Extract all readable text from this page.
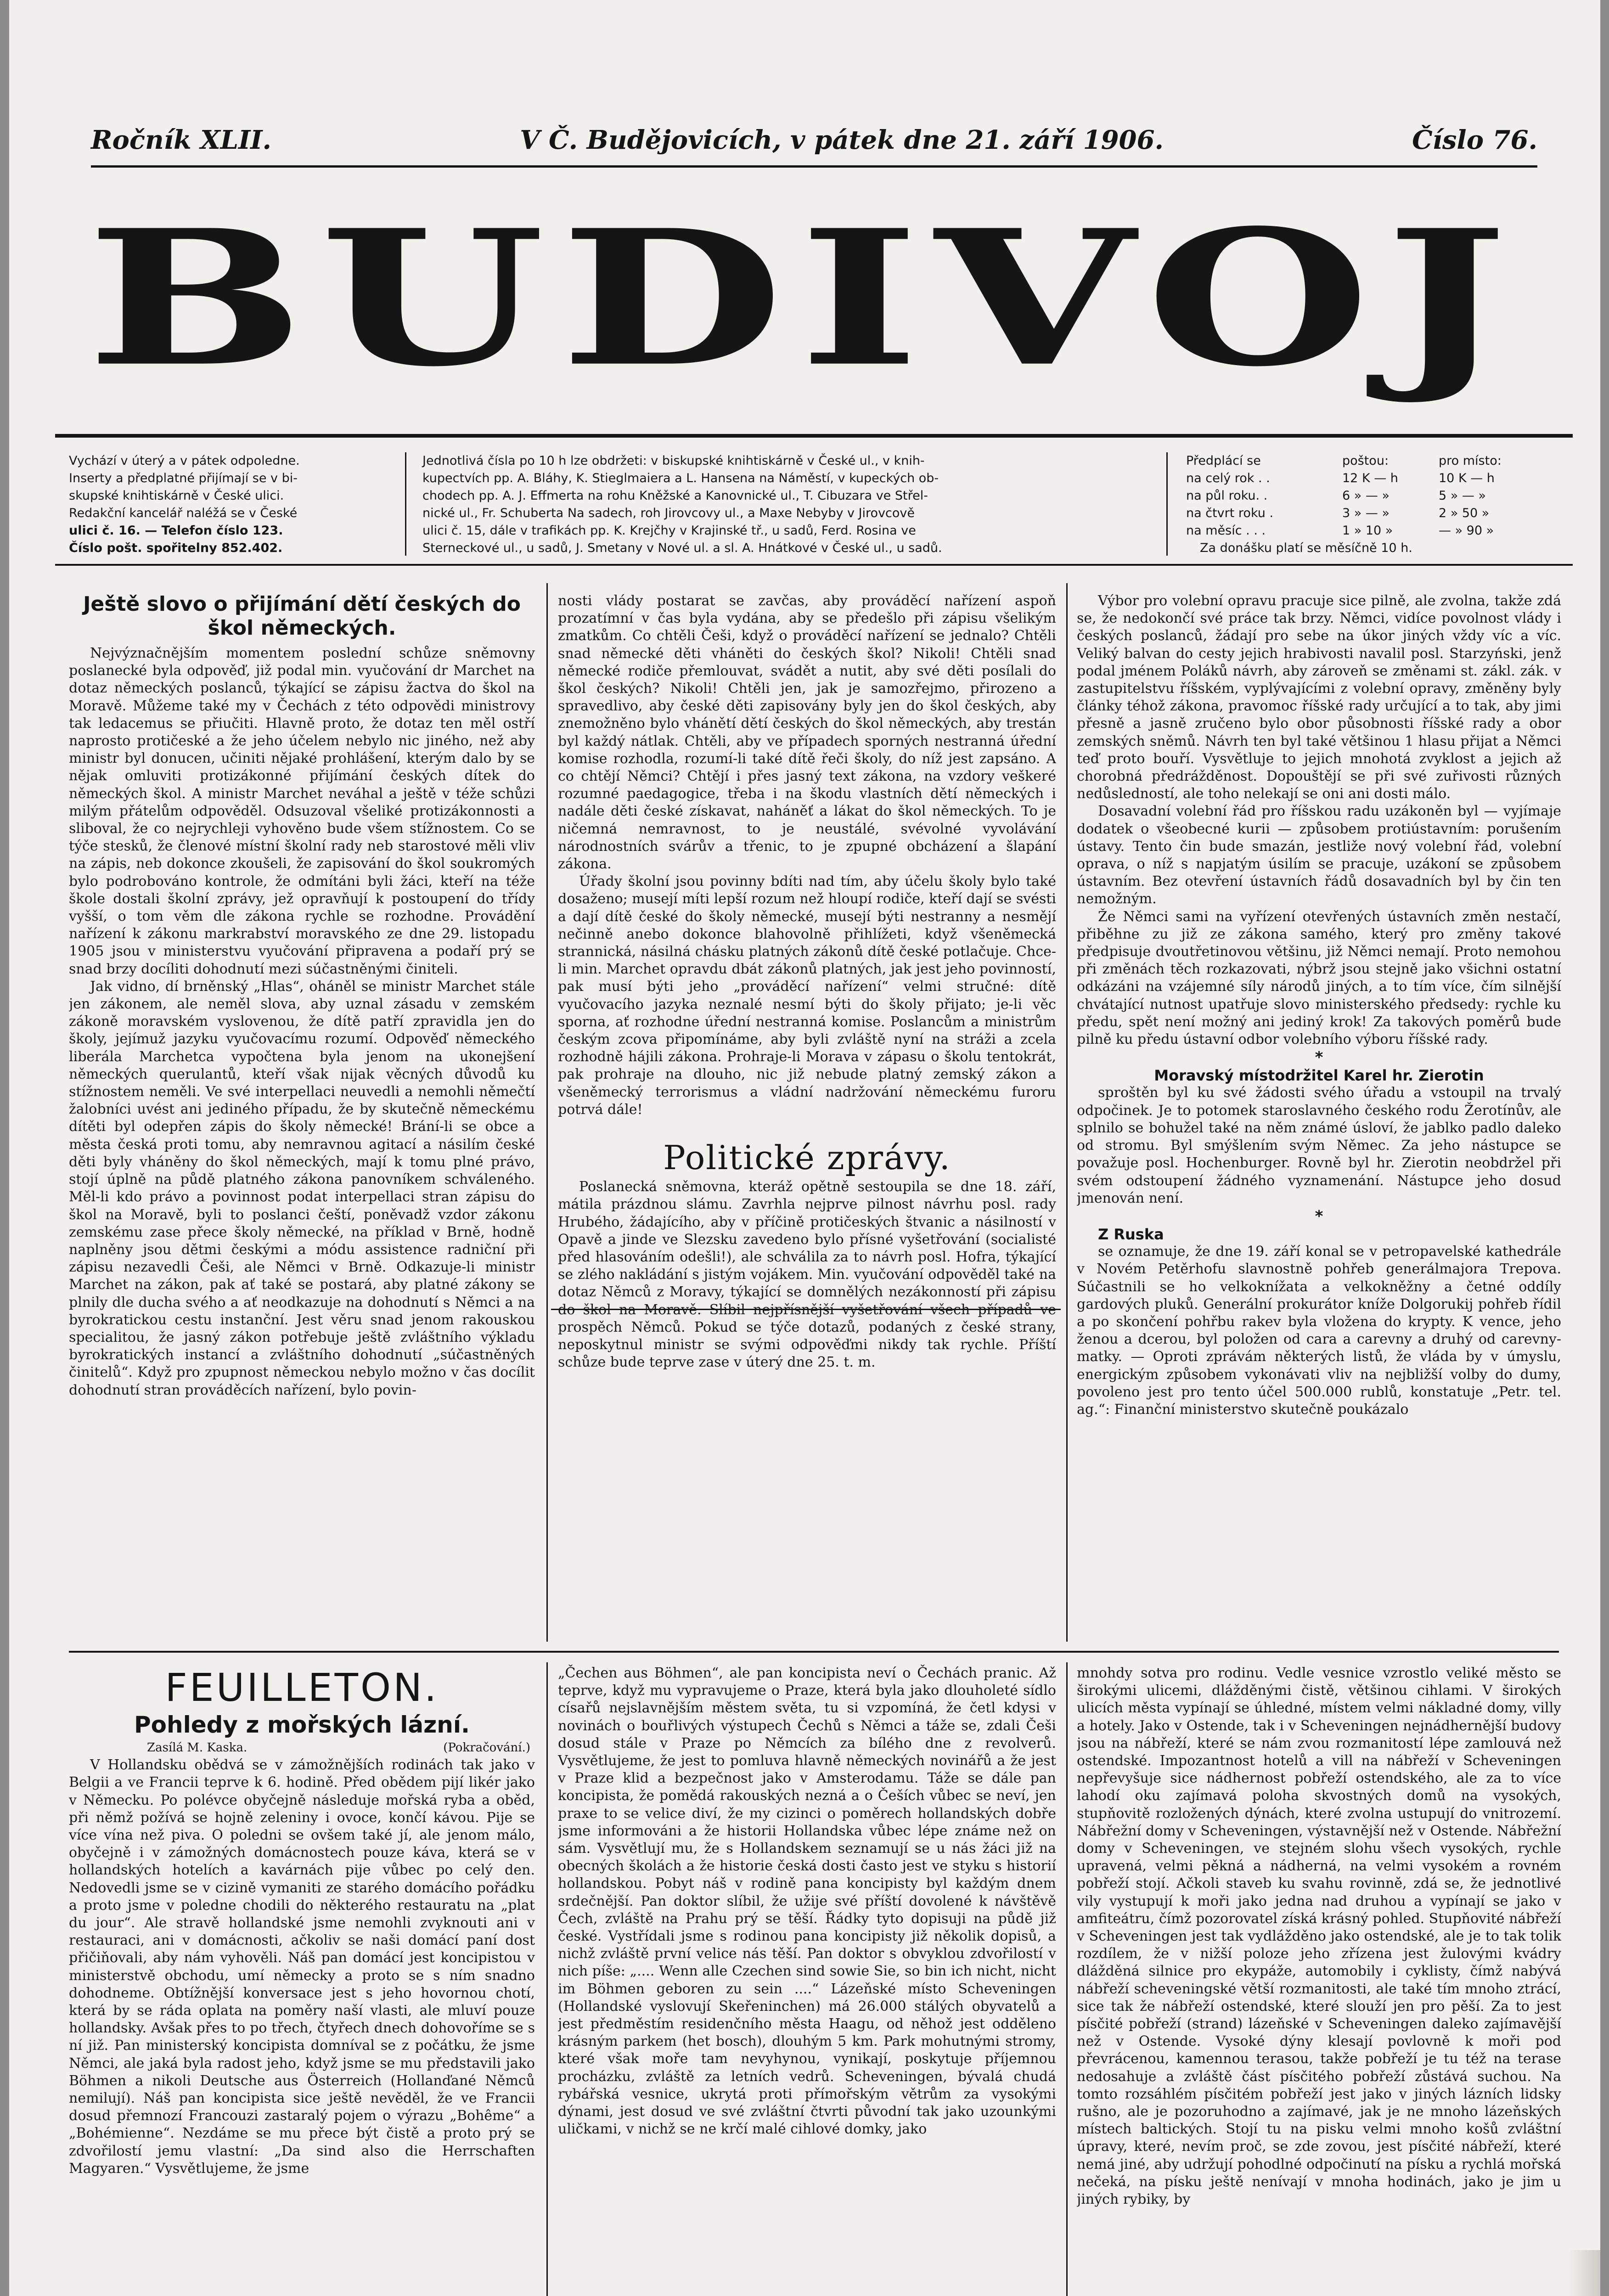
Ročník XLII.	V Č. Budějovicích, v pátek dne 21. září 1906.	Číslo 76.
BUDIVOJ
Vychází v úterý a v pátek odpoledne.
Inserty a předplatné přijímají se v bi-
skupské knihtiskárně v České ulici.
Redakční kancelář naléžá se v České
ulici č. 16. — Telefon číslo 123.
Číslo pošt. spořitelny 852.402.
Jednotlivá čísla po 10 h lze obdržeti: v biskupské knihtiskárně v České ul., v knih-
kupectvích pp. A. Bláhy, K. Stieglmaiera a L. Hansena na Náměstí, v kupeckých ob-
chodech pp. A. J. Effmerta na rohu Kněžské a Kanovnické ul., T. Cibuzara ve Střel-
nické ul., Fr. Schuberta Na sadech, roh Jirovcovy ul., a Maxe Nebyby v Jirovcově
ulici č. 15, dále v trafikách pp. K. Krejčhy v Krajinské tř., u sadů, Ferd. Rosina ve
Sterneckové ul., u sadů, J. Smetany v Nové ul. a sl. A. Hnátkové v České ul., u sadů.
Předplácí se	poštou:	pro místo:
na celý rok . .	12 K — h	10 K — h
na půl roku. .	6 » — »	5 » — »
na čtvrt roku .	3 » — »	2 » 50 »
na měsíc . . .	1 » 10 »	— » 90 »
Za donášku platí se měsíčně 10 h.
Ještě slovo o přijímání dětí českých do škol německých.

Nejvýznačnějším momentem poslední schůze sněmovny poslanecké byla odpověď, již podal min. vyučování dr Marchet na dotaz německých poslanců, týkající se zápisu žactva do škol na Moravě. Můžeme také my v Čechách z této odpovědi ministrovy tak ledacemus se přiučiti. Hlavně proto, že dotaz ten měl ostří naprosto protičeské a že jeho účelem nebylo nic jiného, než aby ministr byl donucen, učiniti nějaké prohlášení, kterým dalo by se nějak omluviti protizákonné přijímání českých dítek do německých škol. A ministr Marchet neváhal a ještě v téže schůzi milým přátelům odpověděl. Odsuzoval všeliké protizákonnosti a sliboval, že co nejrychleji vyhověno bude všem stížnostem. Co se týče stesků, že členové místní školní rady neb starostové měli vliv na zápis, neb dokonce zkoušeli, že zapisování do škol soukromých bylo podrobováno kontrole, že odmítáni byli žáci, kteří na téže škole dostali školní zprávy, jež opravňují k postoupení do třídy vyšší, o tom věm dle zákona rychle se rozhodne. Provádění nařízení k zákonu markrabství moravského ze dne 29. listopadu 1905 jsou v ministerstvu vyučování připravena a podaří prý se snad brzy docíliti dohodnutí mezi súčastněnými činiteli.

Jak vidno, dí brněnský „Hlas“, oháněl se ministr Marchet stále jen zákonem, ale neměl slova, aby uznal zásadu v zemském zákoně moravském vyslovenou, že dítě patří zpravidla jen do školy, jejímuž jazyku vyučovacímu rozumí. Odpověď německého liberála Marchetca vypočtena byla jenom na ukonejšení německých querulantů, kteří však nijak věcných důvodů ku stížnostem neměli. Ve své interpellaci neuvedli a nemohli němečtí žalobníci uvést ani jediného případu, že by skutečně německému dítěti byl odepřen zápis do školy německé! Brání-li se obce a města česká proti tomu, aby nemravnou agitací a násilím české děti byly vháněny do škol německých, mají k tomu plné právo, stojí úplně na půdě platného zákona panovníkem schváleného. Měl-li kdo právo a povinnost podat interpellaci stran zápisu do škol na Moravě, byli to poslanci čeští, poněvadž vzdor zákonu zemskému zase přece školy německé, na příklad v Brně, hodně naplněny jsou dětmi českými a módu assistence radniční při zápisu nezavedli Češi, ale Němci v Brně. Odkazuje-li ministr Marchet na zákon, pak ať také se postará, aby platné zákony se plnily dle ducha svého a ať neodkazuje na dohodnutí s Němci a na byrokratickou cestu instanční. Jest věru snad jenom rakouskou specialitou, že jasný zákon potřebuje ještě zvláštního výkladu byrokratických instancí a zvláštního dohodnutí „súčastněných činitelů“. Když pro zpupnost německou nebylo možno v čas docílit dohodnutí stran prováděcích nařízení, bylo povin-

nosti vlády postarat se zavčas, aby prováděcí nařízení aspoň prozatímní v čas byla vydána, aby se předešlo při zápisu všelikým zmatkům. Co chtěli Češi, když o prováděcí nařízení se jednalo? Chtěli snad německé děti vháněti do českých škol? Nikoli! Chtěli snad německé rodiče přemlouvat, svádět a nutit, aby své děti posílali do škol českých? Nikoli! Chtěli jen, jak je samozřejmo, přirozeno a spravedlivo, aby české děti zapisovány byly jen do škol českých, aby znemožněno bylo vhánětí dětí českých do škol německých, aby trestán byl každý nátlak. Chtěli, aby ve případech sporných nestranná úřední komise rozhodla, rozumí-li také dítě řeči školy, do níž jest zapsáno. A co chtějí Němci? Chtějí i přes jasný text zákona, na vzdory veškeré rozumné paedagogice, třeba i na škodu vlastních dětí německých i nadále děti české získavat, naháněť a lákat do škol německých. To je ničemná nemravnost, to je neustálé, svévolné vyvolávání národnostních svárův a třenic, to je zpupné obcházení a šlapání zákona.

Úřady školní jsou povinny bdíti nad tím, aby účelu školy bylo také dosaženo; musejí míti lepší rozum než hloupí rodiče, kteří dají se svésti a dají dítě české do školy německé, musejí býti nestranny a nesmějí nečinně anebo dokonce blahovolně přihlížeti, když všeněmecká strannická, násilná chásku platných zákonů dítě české potlačuje. Chce-li min. Marchet opravdu dbát zákonů platných, jak jest jeho povinností, pak musí býti jeho „prováděcí nařízení“ velmi stručné: dítě vyučovacího jazyka neznalé nesmí býti do školy přijato; je-li věc sporna, ať rozhodne úřední nestranná komise. Poslancům a ministrům českým zcova připomínáme, aby byli zvláště nyní na stráži a zcela rozhodně hájili zákona. Prohraje-li Morava v zápasu o školu tentokrát, pak prohraje na dlouho, nic již nebude platný zemský zákon a všeněmecký terrorismus a vládní nadržování německému furoru potrvá dále!

Politické zprávy.

Poslanecká sněmovna, kteráž opětně sestoupila se dne 18. září, mátila prázdnou slámu. Zavrhla nejprve pilnost návrhu posl. rady Hrubého, žádajícího, aby v příčině protičeských štvanic a násilností v Opavě a jinde ve Slezsku zavedeno bylo přísné vyšetřování (socialisté před hlasováním odešli!), ale schválila za to návrh posl. Hofra, týkající se zlého nakládání s jistým vojákem. Min. vyučování odpověděl také na dotaz Němců z Moravy, týkající se domnělých nezákonností při zápisu do škol na Moravě. Slíbil nejpřísnější vyšetřování všech případů ve prospěch Němců. Pokud se týče dotazů, podaných z české strany, neposkytnul ministr se svými odpověďmi nikdy tak rychle. Příští schůze bude teprve zase v úterý dne 25. t. m.

Výbor pro volební opravu pracuje sice pilně, ale zvolna, takže zdá se, že nedokončí své práce tak brzy. Němci, vidíce povolnost vlády i českých poslanců, žádají pro sebe na úkor jiných vždy víc a víc. Veliký balvan do cesty jejich hrabivosti navalil posl. Starzyński, jenž podal jménem Poláků návrh, aby zároveň se změnami st. zákl. zák. v zastupitelstvu říšském, vyplývajícími z volební opravy, změněny byly články téhož zákona, pravomoc říšské rady určující a to tak, aby jimi přesně a jasně zručeno bylo obor působnosti říšské rady a obor zemských sněmů. Návrh ten byl také většinou 1 hlasu přijat a Němci teď proto bouří. Vysvětluje to jejich mnohotá zvyklost a jejich až chorobná předrážděnost. Dopouštějí se při své zuřivosti různých nedůsledností, ale toho nelekají se oni ani dosti málo.

Dosavadní volební řád pro říšskou radu uzákoněn byl — vyjímaje dodatek o všeobecné kurii — způsobem protiústavním: porušením ústavy. Tento čin bude smazán, jestliže nový volební řád, volební oprava, o níž s napjatým úsilím se pracuje, uzákoní se způsobem ústavním. Bez otevření ústavních řádů dosavadních byl by čin ten nemožným.

Že Němci sami na vyřízení otevřených ústavních změn nestačí, přiběhne zu již ze zákona samého, který pro změny takové předpisuje dvoutřetinovou většinu, již Němci nemají. Proto nemohou při změnách těch rozkazovati, nýbrž jsou stejně jako všichni ostatní odkázáni na vzájemné síly národů jiných, a to tím více, čím silnější chvátající nutnost upatřuje slovo ministerského předsedy: rychle ku předu, spět není možný ani jediný krok! Za takových poměrů bude pilně ku předu ústavní odbor volebního výboru říšské rady.

*
Moravský místodržitel Karel hr. Zierotin

sproštěn byl ku své žádosti svého úřadu a vstoupil na trvalý odpočinek. Je to potomek staroslavného českého rodu Žerotínův, ale splnilo se bohužel také na něm známé úsloví, že jablko padlo daleko od stromu. Byl smýšlením svým Němec. Za jeho nástupce se považuje posl. Hochenburger. Rovně byl hr. Zierotin neobdržel při svém odstoupení žádného vyznamenání. Nástupce jeho dosud jmenován není.

*
Z Ruska

se oznamuje, že dne 19. září konal se v petropavelské kathedrále v Novém Petěrhofu slavnostně pohřeb generálmajora Trepova. Súčastnili se ho velkoknížata a velkokněžny a četné oddíly gardových pluků. Generální prokurátor kníže Dolgorukij pohřeb řídil a po skončení pohřbu rakev byla vložena do krypty. K vence, jeho ženou a dcerou, byl položen od cara a carevny a druhý od carevny-matky. — Oproti zprávám některých listů, že vláda by v úmyslu, energickým způsobem vykonávati vliv na nejbližší volby do dumy, povoleno jest pro tento účel 500.000 rublů, konstatuje „Petr. tel. ag.“: Finanční ministerstvo skutečně poukázalo

FEUILLETON.
Pohledy z mořských lázní.
Zasílá M. Kaska.	(Pokračování.)

V Hollandsku obědvá se v zámožnějších rodinách tak jako v Belgii a ve Francii teprve k 6. hodině. Před obědem pijí likér jako v Německu. Po polévce obyčejně následuje mořská ryba a oběd, při němž požívá se hojně zeleniny i ovoce, končí kávou. Pije se více vína než piva. O poledni se ovšem také jí, ale jenom málo, obyčejně i v zámožných domácnostech pouze káva, která se v hollandských hotelích a kavárnách pije vůbec po celý den. Nedovedli jsme se v cizině vymaniti ze starého domácího pořádku a proto jsme v poledne chodili do některého restauratu na „plat du jour“. Ale stravě hollandské jsme nemohli zvyknouti ani v restauraci, ani v domácnosti, ačkoliv se naši domácí paní dost přičiňovali, aby nám vyhověli. Náš pan domácí jest koncipistou v ministerstvě obchodu, umí německy a proto se s ním snadno dohodneme. Obtížnější konversace jest s jeho hovornou chotí, která by se ráda oplata na poměry naší vlasti, ale mluví pouze hollandsky. Avšak přes to po třech, čtyřech dnech dohovoříme se s ní již. Pan ministerský koncipista domníval se z počátku, že jsme Němci, ale jaká byla radost jeho, když jsme se mu představili jako Böhmen a nikoli Deutsche aus Österreich (Hollanďané Němců nemilují). Náš pan koncipista sice ještě nevěděl, že ve Francii dosud přemnozí Francouzi zastaralý pojem o výrazu „Bohême“ a „Bohémienne“. Nezdáme se mu přece být čistě a proto prý se zdvořilostí jemu vlastní: „Da sind also die Herrschaften Magyaren.“ Vysvětlujeme, že jsme

„Čechen aus Böhmen“, ale pan koncipista neví o Čechách pranic. Až teprve, když mu vypravujeme o Praze, která byla jako dlouholeté sídlo císařů nejslavnějším městem světa, tu si vzpomíná, že četl kdysi v novinách o bouřlivých výstupech Čechů s Němci a táže se, zdali Češi dosud stále v Praze po Němcích za bílého dne z revolverů. Vysvětlujeme, že jest to pomluva hlavně německých novinářů a že jest v Praze klid a bezpečnost jako v Amsterodamu. Táže se dále pan koncipista, že pomědá rakouských nezná a o Češích vůbec se neví, jen praxe to se velice diví, že my cizinci o poměrech hollandských dobře jsme informováni a že historii Hollandska vůbec lépe známe než on sám. Vysvětlují mu, že s Hollandskem seznamují se u nás žáci již na obecných školách a že historie česká dosti často jest ve styku s historií hollandskou. Pobyt náš v rodině pana koncipisty byl každým dnem srdečnější. Pan doktor slíbil, že užije své příští dovolené k návštěvě Čech, zvláště na Prahu prý se těší. Řádky tyto dopisuji na půdě již české. Vystřídali jsme s rodinou pana koncipisty již několik dopisů, a nichž zvláště první velice nás těší. Pan doktor s obvyklou zdvořilostí v nich píše: „.... Wenn alle Czechen sind sowie Sie, so bin ich nicht, nicht im Böhmen geboren zu sein ....“ Lázeňské místo Scheveningen (Hollandské vyslovují Skeřeninchen) má 26.000 stálých obyvatelů a jest předměstím residenčního města Haagu, od něhož jest odděleno krásným parkem (het bosch), dlouhým 5 km. Park mohutnými stromy, které však moře tam nevyhynou, vynikají, poskytuje příjemnou procházku, zvláště za letních vedrů. Scheveningen, bývalá chudá rybářská vesnice, ukrytá proti přímořským větrům za vysokými dýnami, jest dosud ve své zvláštní čtvrti původní tak jako uzounkými uličkami, v nichž se ne krčí malé cihlové domky, jako

mnohdy sotva pro rodinu. Vedle vesnice vzrostlo veliké město se širokými ulicemi, dlážděnými čistě, většinou cihlami. V širokých ulicích města vypínají se úhledné, místem velmi nákladné domy, villy a hotely. Jako v Ostende, tak i v Scheveningen nejnádhernější budovy jsou na nábřeží, které se nám zvou rozmanitostí lépe zamlouvá než ostendské. Impozantnost hotelů a vill na nábřeží v Scheveningen nepřevyšuje sice nádhernost pobřeží ostendského, ale za to více lahodí oku zajímavá poloha skvostných domů na vysokých, stupňovitě rozložených dýnách, které zvolna ustupují do vnitrozemí. Nábřežní domy v Scheveningen, výstavnější než v Ostende. Nábřežní domy v Scheveningen, ve stejném slohu všech vysokých, rychle upravená, velmi pěkná a nádherná, na velmi vysokém a rovném pobřeží stojí. Ačkoli staveb ku svahu rovinně, zdá se, že jednotlivé vily vystupují k moři jako jedna nad druhou a vypínají se jako v amfiteátru, čímž pozorovatel získá krásný pohled. Stupňovité nábřeží v Scheveningen jest tak vydlážděno jako ostendské, ale je to tak tolik rozdílem, že v nižší poloze jeho zřízena jest žulovými kvádry dlážděná silnice pro ekypáže, automobily i cyklisty, čímž nabývá nábřeží scheveningské větší rozmanitosti, ale také tím mnoho ztrácí, sice tak že nábřeží ostendské, které slouží jen pro pěší. Za to jest písčité pobřeží (strand) lázeňské v Scheveningen daleko zajímavější než v Ostende. Vysoké dýny klesají povlovně k moři pod převrácenou, kamennou terasou, takže pobřeží je tu též na terase nedosahuje a zvláště část písčitého pobřeží zůstává suchou. Na tomto rozsáhlém písčitém pobřeží jest jako v jiných lázních lidsky rušno, ale je pozoruhodno a zajímavé, jak je ne mnoho lázeňských místech baltických. Stojí tu na pisku velmi mnoho košů zvláštní úpravy, které, nevím proč, se zde zovou, jest písčité nábřeží, které nemá jiné, aby udržují pohodlné odpočinutí na písku a rychlá mořská nečeká, na písku ještě nenívají v mnoha hodinách, jako je jim u jiných rybiky, by
